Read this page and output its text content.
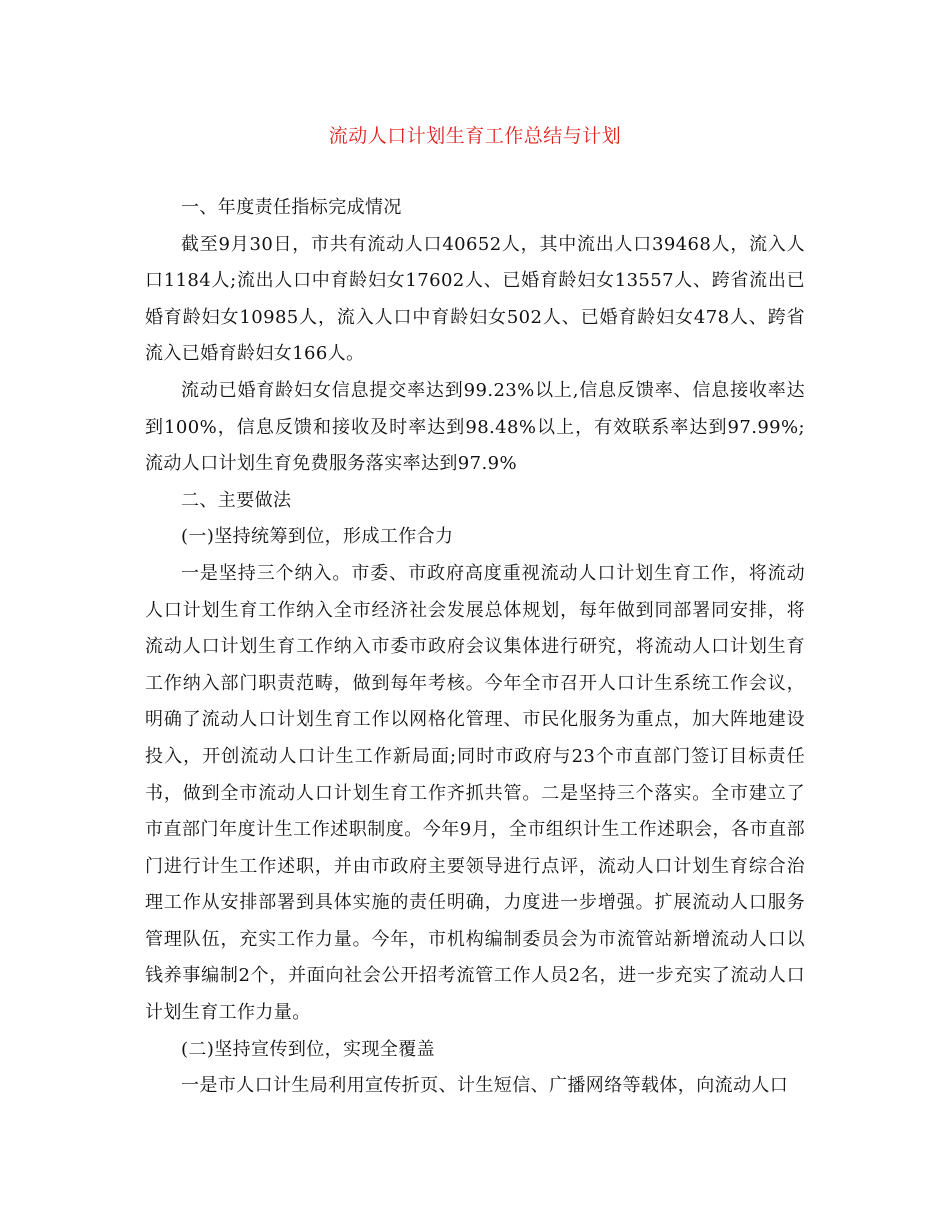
流动人口计划生育工作总结与计划

一、年度责任指标完成情况

截至9月30日，市共有流动人口40652人，其中流出人口39468人，流入人口1184人;流出人口中育龄妇女17602人、已婚育龄妇女13557人、跨省流出已婚育龄妇女10985人，流入人口中育龄妇女502人、已婚育龄妇女478人、跨省流入已婚育龄妇女166人。

流动已婚育龄妇女信息提交率达到99.23%以上,信息反馈率、信息接收率达到100%，信息反馈和接收及时率达到98.48%以上，有效联系率达到97.99%;流动人口计划生育免费服务落实率达到97.9%

二、主要做法

(一)坚持统筹到位，形成工作合力

一是坚持三个纳入。市委、市政府高度重视流动人口计划生育工作，将流动人口计划生育工作纳入全市经济社会发展总体规划，每年做到同部署同安排，将流动人口计划生育工作纳入市委市政府会议集体进行研究，将流动人口计划生育工作纳入部门职责范畴，做到每年考核。今年全市召开人口计生系统工作会议，明确了流动人口计划生育工作以网格化管理、市民化服务为重点，加大阵地建设投入，开创流动人口计生工作新局面;同时市政府与23个市直部门签订目标责任书，做到全市流动人口计划生育工作齐抓共管。二是坚持三个落实。全市建立了市直部门年度计生工作述职制度。今年9月，全市组织计生工作述职会，各市直部门进行计生工作述职，并由市政府主要领导进行点评，流动人口计划生育综合治理工作从安排部署到具体实施的责任明确，力度进一步增强。扩展流动人口服务管理队伍，充实工作力量。今年，市机构编制委员会为市流管站新增流动人口以钱养事编制2个，并面向社会公开招考流管工作人员2名，进一步充实了流动人口计划生育工作力量。

(二)坚持宣传到位，实现全覆盖

一是市人口计生局利用宣传折页、计生短信、广播网络等载体，向流动人口
